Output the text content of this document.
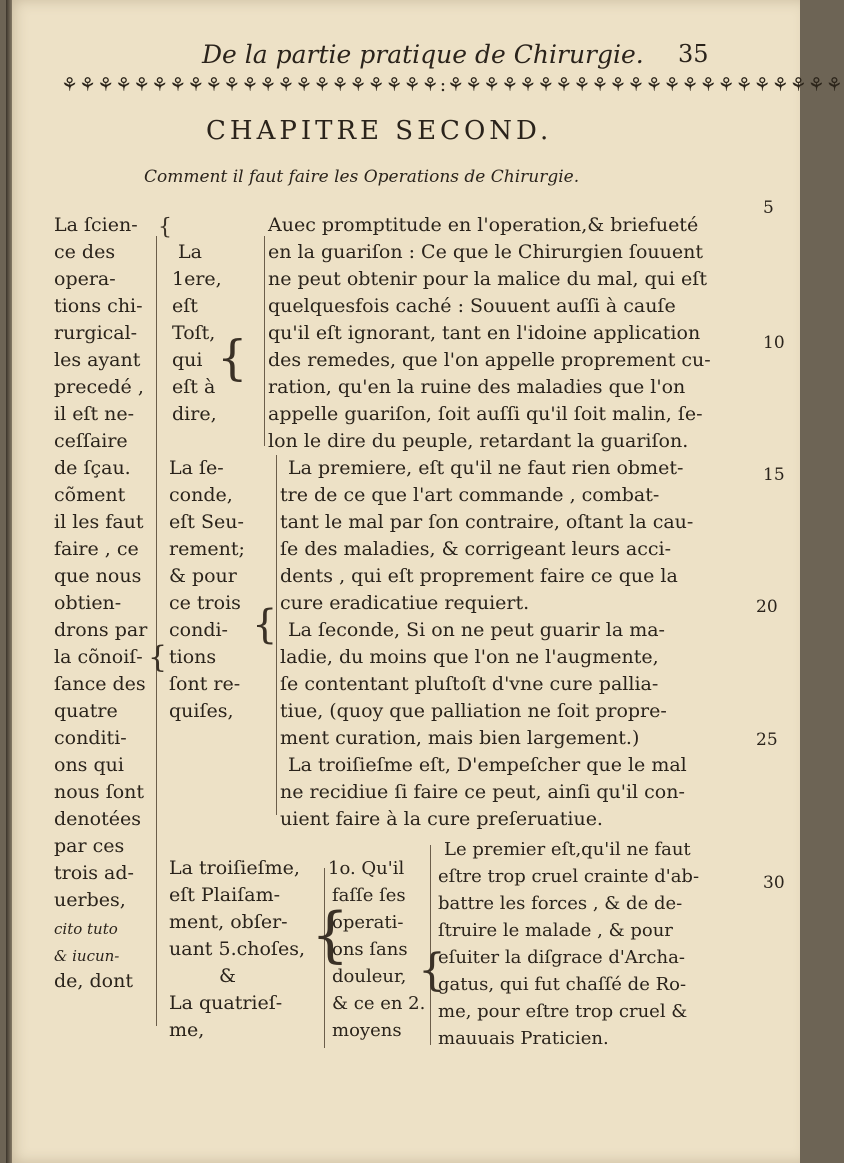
De la partie pratique de Chirurgie. 35
⚘⚘⚘⚘⚘⚘⚘⚘⚘⚘⚘⚘⚘⚘⚘⚘⚘⚘⚘⚘⚘:⚘⚘⚘⚘⚘⚘⚘⚘⚘⚘⚘⚘⚘⚘⚘⚘⚘⚘⚘⚘⚘⚘
CHAPITRE SECOND.
Comment il faut faire les Operations de Chirurgie.
La ſcien-
ce des
opera-
tions chi-
rurgical-
les ayant
precedé ,
il eſt ne-
ceſſaire
de ſçau.
cõment
il les faut
faire , ce
que nous
obtien-
drons par
la cõnoiſ-
ſance des
quatre
conditi-
ons qui
nous ſont
denotées
par ces
trois ad-
uerbes,
cito tuto
& iucun-
de, dont
{
{
{
{
{
{
La
1ere,
eſt
Toſt,
qui
eſt à
dire,
La ſe-
conde,
eſt Seu-
rement;
& pour
ce trois
condi-
tions
ſont re-
quiſes,
La troiſieſme,
eſt Plaiſam-
ment, obſer-
uant 5.choſes,
&
La quatrieſ-
me,
Auec promptitude en l'operation,& briefueté
en la guariſon : Ce que le Chirurgien ſouuent
ne peut obtenir pour la malice du mal, qui eſt
quelquesfois caché : Souuent auſſi à cauſe
qu'il eſt ignorant, tant en l'idoine application
des remedes, que l'on appelle proprement cu-
ration, qu'en la ruine des maladies que l'on
appelle guariſon, ſoit auſſi qu'il ſoit malin, ſe-
lon le dire du peuple, retardant la guariſon.
La premiere, eſt qu'il ne faut rien obmet-
tre de ce que l'art commande , combat-
tant le mal par ſon contraire, oſtant la cau-
ſe des maladies, & corrigeant leurs acci-
dents , qui eſt proprement faire ce que la
cure eradicatiue requiert.
La ſeconde, Si on ne peut guarir la ma-
ladie, du moins que l'on ne l'augmente,
ſe contentant pluſtoſt d'vne cure pallia-
tiue, (quoy que palliation ne ſoit propre-
ment curation, mais bien largement.)
La troiſieſme eſt, D'empeſcher que le mal
ne recidiue ſi faire ce peut, ainſi qu'il con-
uient faire à la cure preſeruatiue.
1o. Qu'il
faſſe ſes
operati-
ons ſans
douleur,
& ce en 2.
moyens
Le premier eſt,qu'il ne faut
eſtre trop cruel crainte d'ab-
battre les forces , & de de-
ſtruire le malade , & pour
eſuiter la diſgrace d'Archa-
gatus, qui fut chaſſé de Ro-
me, pour eſtre trop cruel &
mauuais Praticien.
5
10
15
20
25
30
